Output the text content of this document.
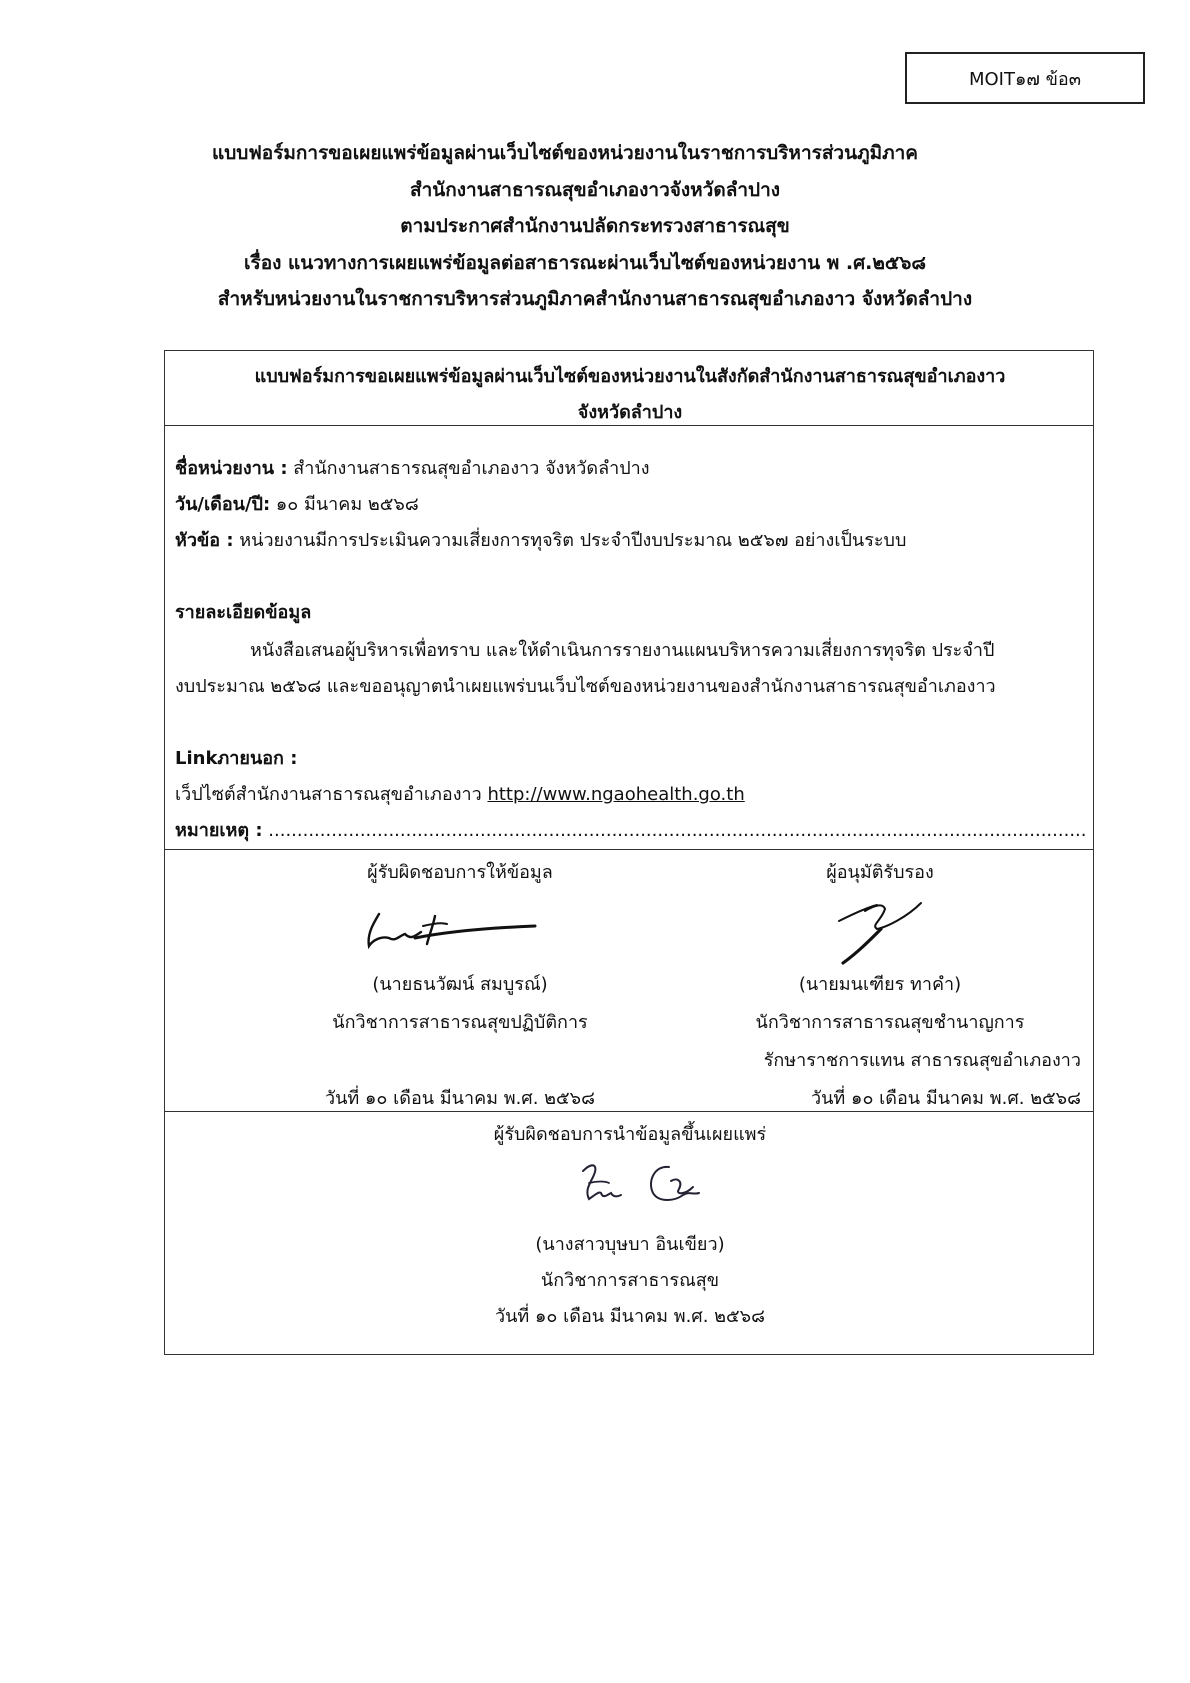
MOIT๑๗ ข้อ๓
แบบฟอร์มการขอเผยแพร่ข้อมูลผ่านเว็บไซต์ของหน่วยงานในราชการบริหารส่วนภูมิภาค
สำนักงานสาธารณสุขอำเภองาวจังหวัดลำปาง
ตามประกาศสำนักงานปลัดกระทรวงสาธารณสุข
เรื่อง แนวทางการเผยแพร่ข้อมูลต่อสาธารณะผ่านเว็บไซต์ของหน่วยงาน พ .ศ.๒๕๖๘
สำหรับหน่วยงานในราชการบริหารส่วนภูมิภาคสำนักงานสาธารณสุขอำเภองาว จังหวัดลำปาง
แบบฟอร์มการขอเผยแพร่ข้อมูลผ่านเว็บไซต์ของหน่วยงานในสังกัดสำนักงานสาธารณสุขอำเภองาว
จังหวัดลำปาง
ชื่อหน่วยงาน : สำนักงานสาธารณสุขอำเภองาว จังหวัดลำปาง
วัน/เดือน/ปี: ๑๐ มีนาคม ๒๕๖๘
หัวข้อ : หน่วยงานมีการประเมินความเสี่ยงการทุจริต ประจำปีงบประมาณ ๒๕๖๗ อย่างเป็นระบบ
รายละเอียดข้อมูล
หนังสือเสนอผู้บริหารเพื่อทราบ และให้ดำเนินการรายงานแผนบริหารความเสี่ยงการทุจริต ประจำปี
งบประมาณ ๒๕๖๘ และขออนุญาตนำเผยแพร่บนเว็บไซต์ของหน่วยงานของสำนักงานสาธารณสุขอำเภองาว
Linkภายนอก :
เว็ปไซต์สำนักงานสาธารณสุขอำเภองาว http://www.ngaohealth.go.th
หมายเหตุ : ...............................................................................................................................................
ผู้รับผิดชอบการให้ข้อมูล
(นายธนวัฒน์ สมบูรณ์)
นักวิชาการสาธารณสุขปฏิบัติการ
วันที่ ๑๐ เดือน มีนาคม พ.ศ. ๒๕๖๘
ผู้อนุมัติรับรอง
(นายมนเฑียร ทาคำ)
นักวิชาการสาธารณสุขชำนาญการ
รักษาราชการแทน สาธารณสุขอำเภองาว
วันที่ ๑๐ เดือน มีนาคม พ.ศ. ๒๕๖๘
ผู้รับผิดชอบการนำข้อมูลขึ้นเผยแพร่
(นางสาวบุษบา อินเขียว)
นักวิชาการสาธารณสุข
วันที่ ๑๐ เดือน มีนาคม พ.ศ. ๒๕๖๘
